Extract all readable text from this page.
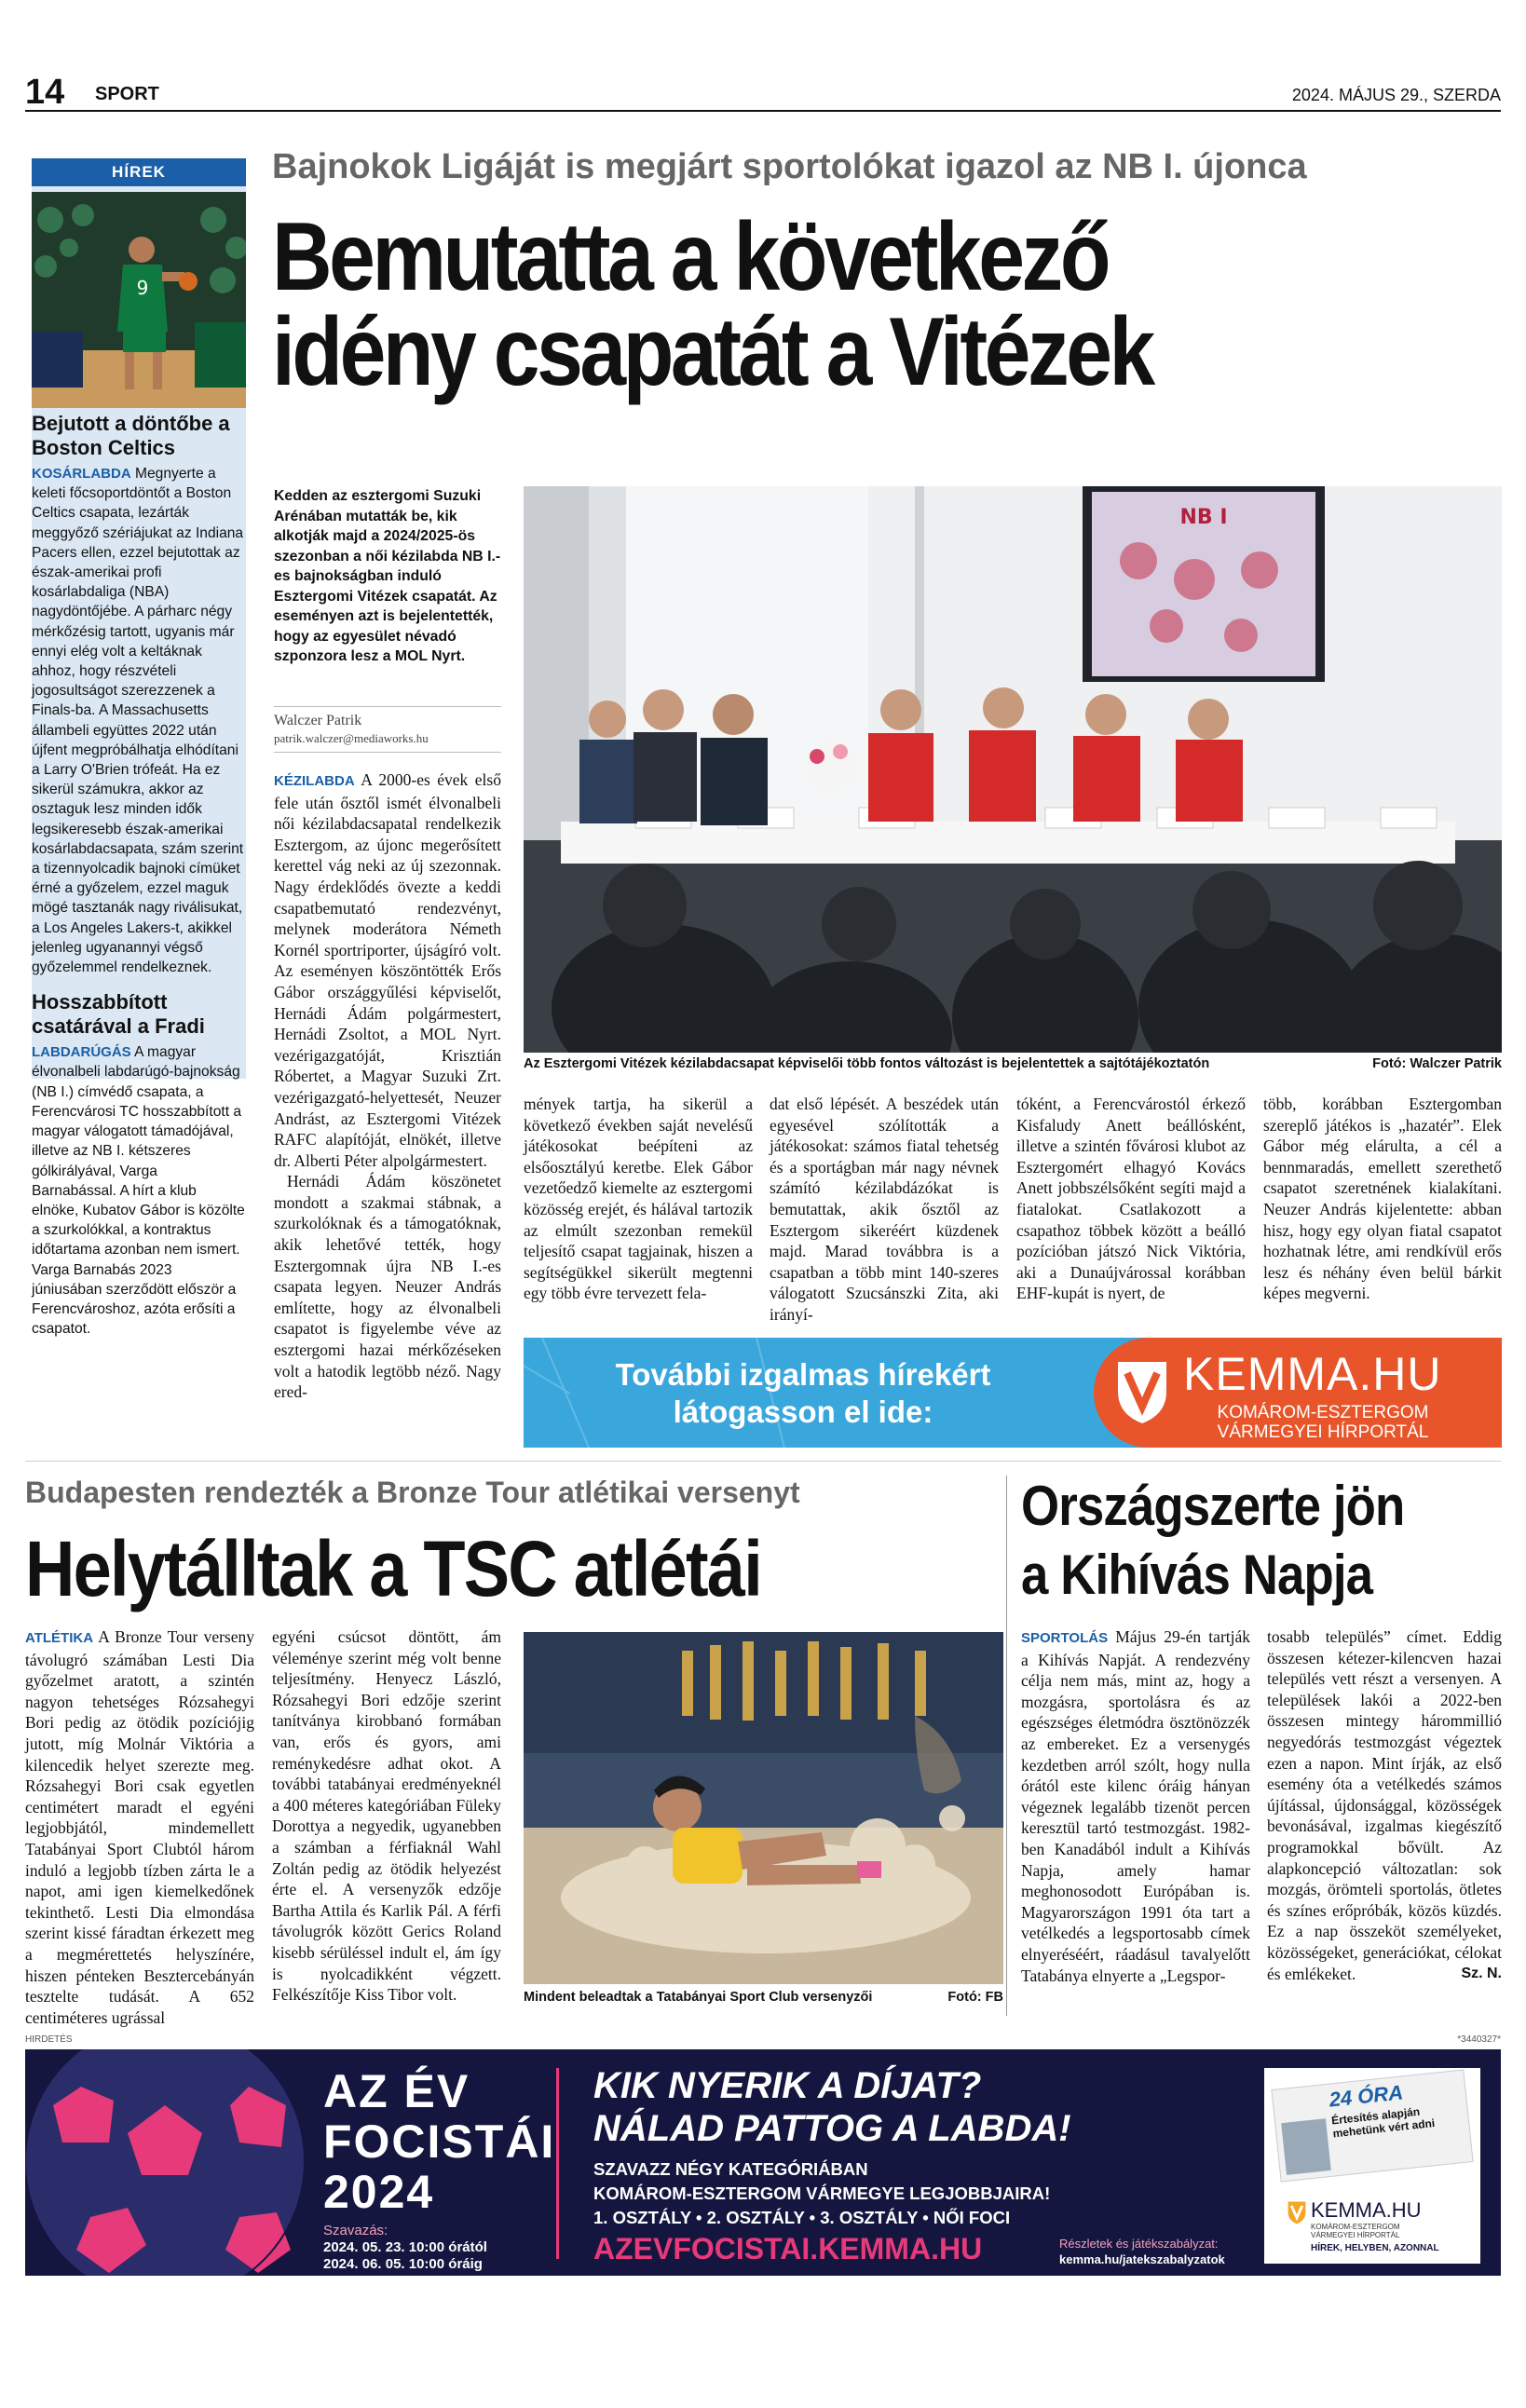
14 SPORT	2024. MÁJUS 29., SZERDA
HÍREK
9
Bejutott a döntőbe a Boston Celtics

KOSÁRLABDA Megnyerte a keleti főcsoportdöntőt a Boston Celtics csapata, lezárták meggyőző szériájukat az Indiana Pacers ellen, ezzel bejutottak az észak-amerikai profi kosárlabdaliga (NBA) nagydöntőjébe. A párharc négy mérkőzésig tartott, ugyanis már ennyi elég volt a keltáknak ahhoz, hogy részvételi jogosultságot szerezzenek a Finals-ba. A Massachusetts állambeli együttes 2022 után újfent megpróbálhatja elhódítani a Larry O'Brien trófeát. Ha ez sikerül számukra, akkor az osztaguk lesz minden idők legsikeresebb észak-amerikai kosárlabdacsapata, szám szerint a tizennyolcadik bajnoki címüket érné a győzelem, ezzel maguk mögé tasztanák nagy riválisukat, a Los Angeles Lakers-t, akikkel jelenleg ugyanannyi végső győzelemmel rendelkeznek.

Hosszabbított csatárával a Fradi

LABDARÚGÁS A magyar élvonalbeli labdarúgó-bajnokság (NB I.) címvédő csapata, a Ferencvárosi TC hosszabbított a magyar válogatott támadójával, illetve az NB I. kétszeres gólkirályával, Varga Barnabással. A hírt a klub elnöke, Kubatov Gábor is közölte a szurkolókkal, a kontraktus időtartama azonban nem ismert. Varga Barnabás 2023 júniusában szerződött először a Ferencvároshoz, azóta erősíti a csapatot.

Bajnokok Ligáját is megjárt sportolókat igazol az NB I. újonca
Bemutatta a következő
idény csapatát a Vitézek
Kedden az esztergomi Suzuki Arénában mutatták be, kik alkotják majd a 2024/2025-ös szezonban a női kézilabda NB I.-es bajnokságban induló Esztergomi Vitézek csapatát. Az eseményen azt is bejelentették, hogy az egyesület névadó szponzora lesz a MOL Nyrt.
Walczer Patrik
patrik.walczer@mediaworks.hu

KÉZILABDA A 2000-es évek első fele után ősztől ismét élvonalbeli női kézilabdacsapatal rendelkezik Esztergom, az újonc megerősített kerettel vág neki az új szezonnak. Nagy érdeklődés övezte a keddi csapatbemutató rendezvényt, melynek moderátora Németh Kornél sportriporter, újságíró volt. Az eseményen köszöntötték Erős Gábor országgyűlési képviselőt, Hernádi Ádám polgármestert, Hernádi Zsoltot, a MOL Nyrt. vezérigazgatóját, Krisztián Róbertet, a Magyar Suzuki Zrt. vezérigazgató-helyettesét, Neuzer Andrást, az Esztergomi Vitézek RAFC alapítóját, elnökét, illetve dr. Alberti Péter alpolgármestert.
Hernádi Ádám köszönetet mondott a szakmai stábnak, a szurkolóknak és a támogatóknak, akik lehetővé tették, hogy Esztergomnak újra NB I.-es csapata legyen. Neuzer András említette, hogy az élvonalbeli csapatot is figyelembe véve az esztergomi hazai mérkőzéseken volt a hatodik legtöbb néző. Nagy ered-

NB I
Az Esztergomi Vitézek kézilabdacsapat képviselői több fontos változást is bejelentettek a sajtótájékoztatón	Fotó: Walczer Patrik

mények tartja, ha sikerül a következő években saját nevelésű játékosokat beépíteni az elsőosztályú keretbe. Elek Gábor vezetőedző kiemelte az esztergomi közösség erejét, és hálával tartozik az elmúlt szezonban remekül teljesítő csapat tagjainak, hiszen a segítségükkel sikerült megtenni egy több évre tervezett fela-

dat első lépését. A beszédek után egyesével szólították a játékosokat: számos fiatal tehetség és a sportágban már nagy névnek számító kézilabdázókat is bemutattak, akik ősztől az Esztergom sikeréért küzdenek majd. Marad továbbra is a csapatban a több mint 140-szeres válogatott Szucsánszki Zita, aki irányí-

tóként, a Ferencvárostól érkező Kisfaludy Anett beállósként, illetve a szintén fővárosi klubot az Esztergomért elhagyó Kovács Anett jobbszélsőként segíti majd a fiatalokat. Csatlakozott a csapathoz többek között a beálló pozícióban játszó Nick Viktória, aki a Dunaújvárossal korábban EHF-kupát is nyert, de

több, korábban Esztergomban szereplő játékos is „hazatér”. Elek Gábor még elárulta, a cél a bennmaradás, emellett szerethető csapatot szeretnének kialakítani. Neuzer András kijelentette: abban hisz, hogy egy olyan fiatal csapatot hozhatnak létre, ami rendkívül erős lesz és néhány éven belül bárkit képes megverni.

További izgalmas hírekért
látogasson el ide:
KEMMA.HU
KOMÁROM-ESZTERGOM
VÁRMEGYEI HÍRPORTÁL
Budapesten rendezték a Bronze Tour atlétikai versenyt
Helytálltak a TSC atlétái

ATLÉTIKA A Bronze Tour verseny távolugró számában Lesti Dia győzelmet aratott, a szintén nagyon tehetséges Rózsahegyi Bori pedig az ötödik pozíciójig jutott, míg Molnár Viktória a kilencedik helyet szerezte meg. Rózsahegyi Bori csak egyetlen centimétert maradt el egyéni legjobbjától, mindemellett Tatabányai Sport Clubtól három induló a legjobb tízben zárta le a napot, ami igen kiemelkedőnek tekinthető. Lesti Dia elmondása szerint kissé fáradtan érkezett meg a megmérettetés helyszínére, hiszen pénteken Besztercebányán tesztelte tudását. A 652 centiméteres ugrással

egyéni csúcsot döntött, ám véleménye szerint még volt benne teljesítmény. Henyecz László, Rózsahegyi Bori edzője szerint tanítványa kirobbanó formában van, erős és gyors, ami reménykedésre adhat okot. A további tatabányai eredményeknél a 400 méteres kategóriában Füleky Dorottya a negyedik, ugyanebben a számban a férfiaknál Wahl Zoltán pedig az ötödik helyezést érte el. A versenyzők edzője Bartha Attila és Karlik Pál. A férfi távolugrók között Gerics Roland kisebb sérüléssel indult el, ám így is nyolcadikként végzett. Felkészítője Kiss Tibor volt.	Mindent beleadtak a Tatabányai Sport Club versenyzői	Fotó: FB
Országszerte jön
a Kihívás Napja

SPORTOLÁS Május 29-én tartják a Kihívás Napját. A rendezvény célja nem más, mint az, hogy a mozgásra, sportolásra és az egészséges életmódra ösztönözzék az embereket. Ez a versenygés kezdetben arról szólt, hogy nulla órától este kilenc óráig hányan végeznek legalább tizenöt percen keresztül tartó testmozgást. 1982-ben Kanadából indult a Kihívás Napja, amely hamar meghonosodott Európában is. Magyarországon 1991 óta tart a vetélkedés a legsportosabb címek elnyeréséért, ráadásul tavalyelőtt Tatabánya elnyerte a „Legspor-

tosabb település” címet. Eddig összesen kétezer-kilencven hazai település vett részt a versenyen. A települések lakói a 2022-ben összesen mintegy hárommillió negyedórás testmozgást végeztek ezen a napon. Mint írják, az első esemény óta a vetélkedés számos újítással, újdonsággal, közösségek bevonásával, izgalmas kiegészítő programokkal bővült. Az alapkoncepció változatlan: sok mozgás, örömteli sportolás, ötletes és színes erőpróbák, közös küzdés. Ez a nap összeköt személyeket, közösségeket, generációkat, célokat és emlékeket.	Sz. N.

HIRDETÉS	*3440327*
AZ ÉV
FOCISTÁI
2024
Szavazás:
2024. 05. 23. 10:00 órától
2024. 06. 05. 10:00 óráig
KIK NYERIK A DÍJAT?
NÁLAD PATTOG A LABDA!
SZAVAZZ NÉGY KATEGÓRIÁBAN
KOMÁROM-ESZTERGOM VÁRMEGYE LEGJOBBJAIRA!
1. OSZTÁLY • 2. OSZTÁLY • 3. OSZTÁLY • NŐI FOCI
AZEVFOCISTAI.KEMMA.HU	Részletek és játékszabályzat:
kemma.hu/jatekszabalyzatok
24 ÓRA
Értesítés alapján mehetünk vért adni
KEMMA.HU
KOMÁROM-ESZTERGOM
VÁRMEGYEI HÍRPORTÁL
HÍREK, HELYBEN, AZONNAL
